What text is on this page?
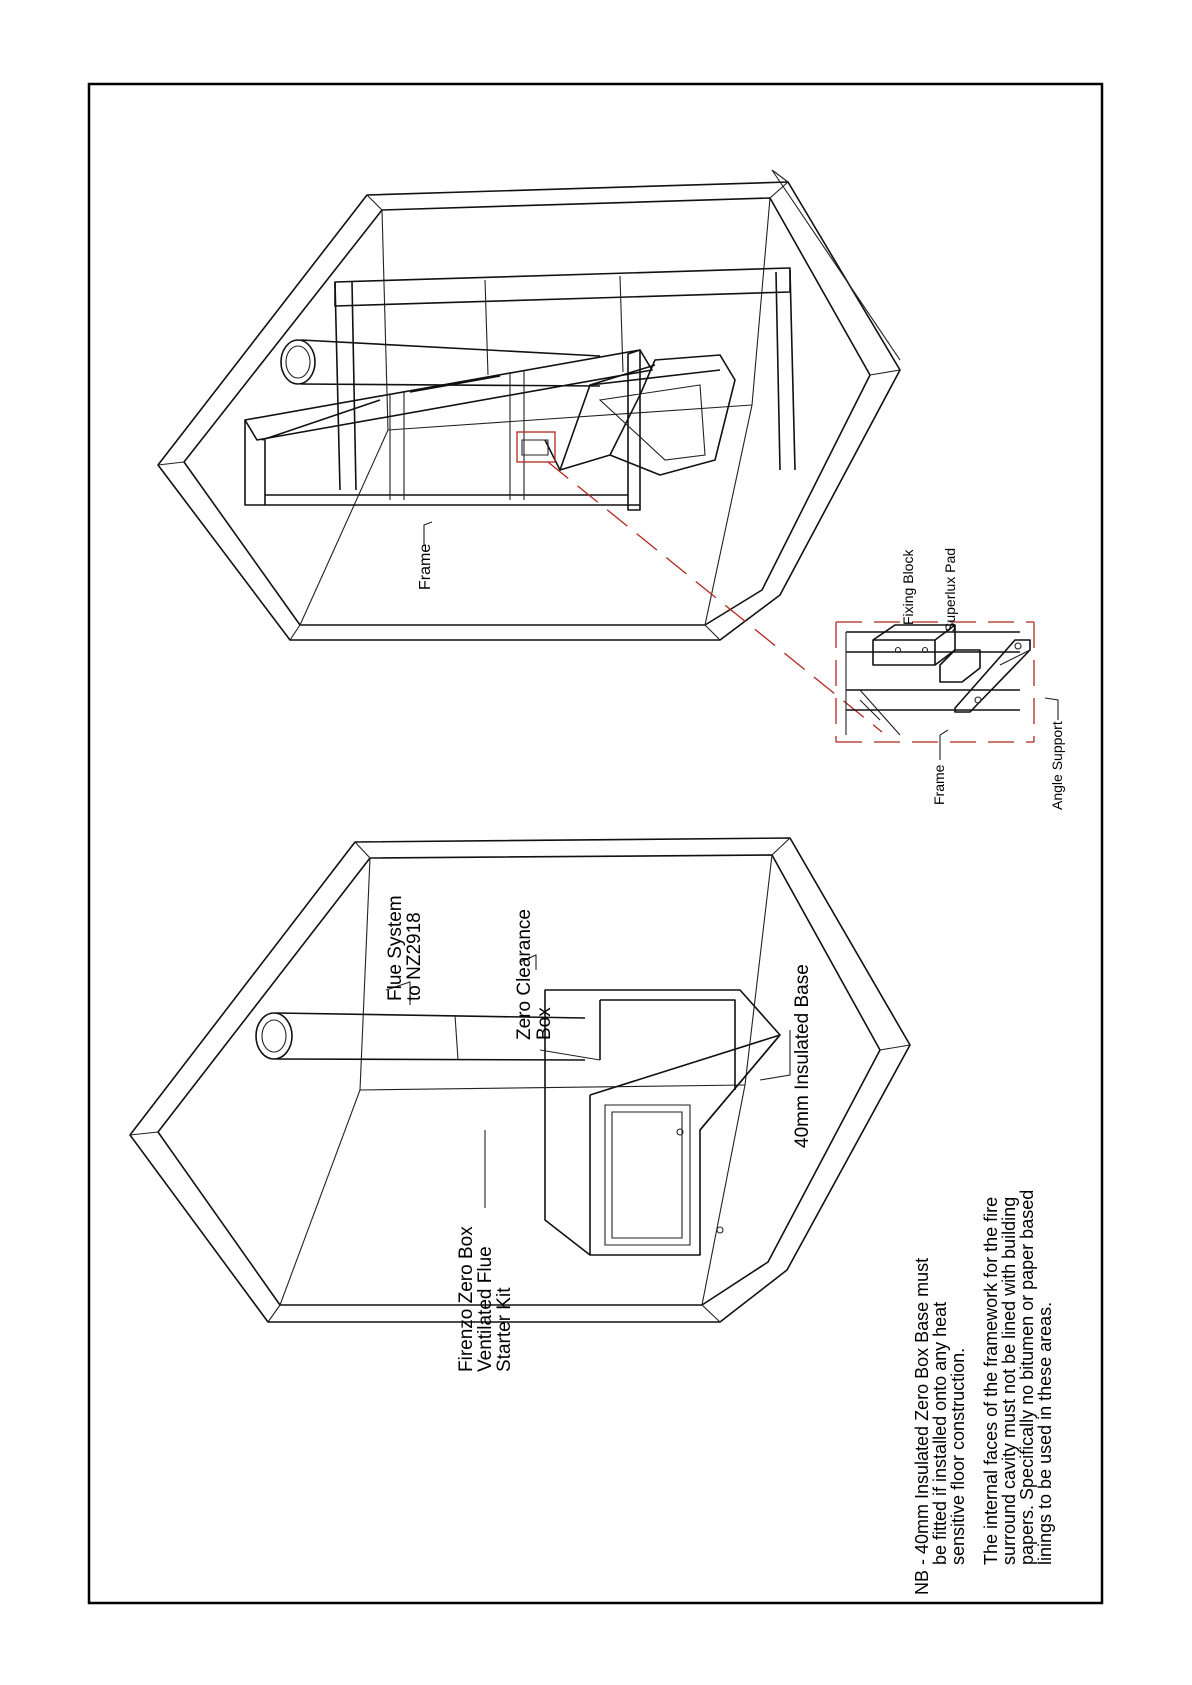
Frame	Fixing Block Superlux Pad
Frame	Angle Support
Flue System
to NZ2918	Zero Clearance Box	40mm Insulated Base
Firenzo Zero Box
Ventilated Flue
Starter Kit	NB - 40mm Insulated Zero Box Base must
be fitted if installed onto any heat
sensitive floor construction. The internal faces of the framework for the fire
surround cavity must not be lined with building
papers. Specifically no bitumen or paper based
linings to be used in these areas.
